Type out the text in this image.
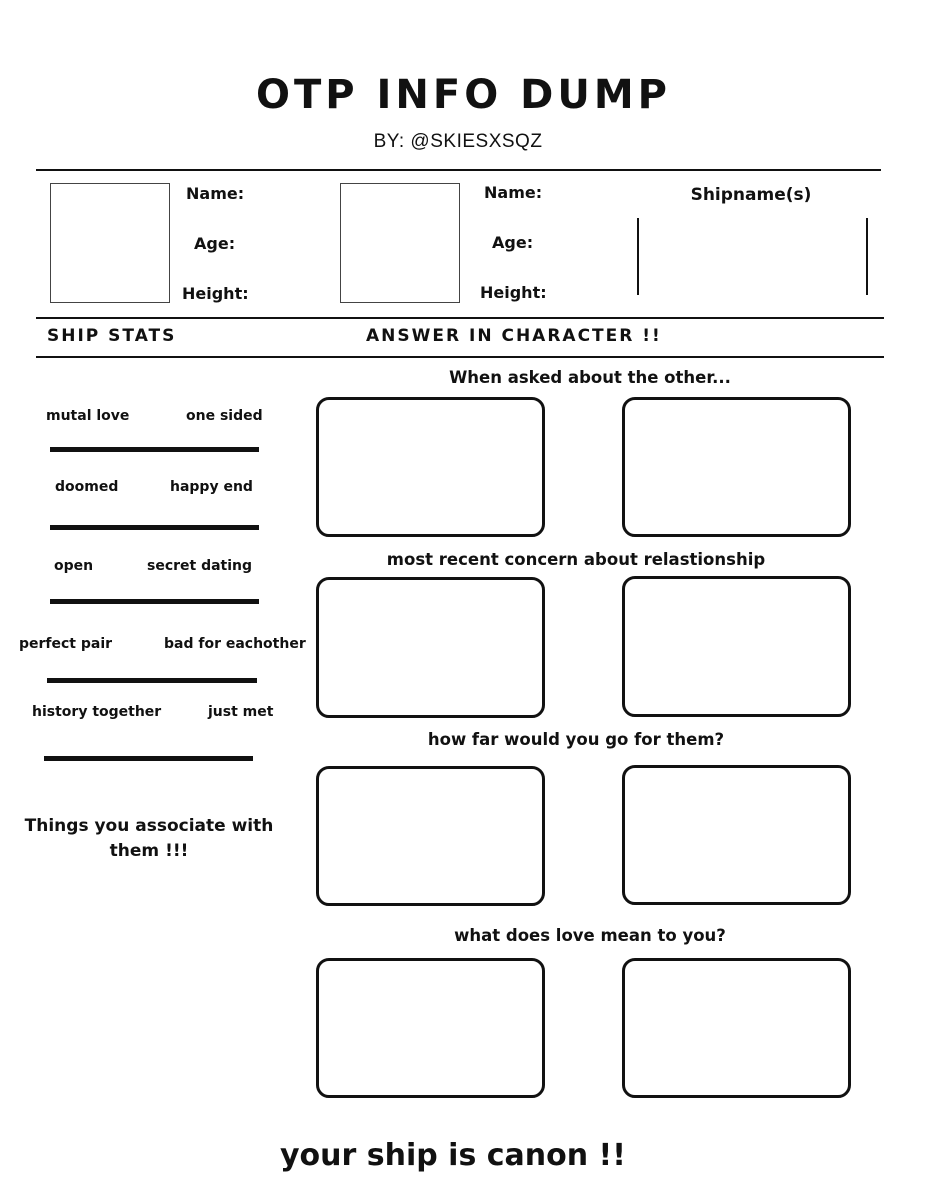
OTP INFO DUMP
BY: @SKIESXSQZ
Name:
Age:
Height:
Name:
Age:
Height:
Shipname(s)
SHIP STATS	ANSWER IN CHARACTER !!
mutal love	one sided
doomed	happy end
open	secret dating
perfect pair	bad for eachother
history together	just met
Things you associate with them !!!
When asked about the other...
most recent concern about relastionship
how far would you go for them?
what does love mean to you?
your ship is canon !!
